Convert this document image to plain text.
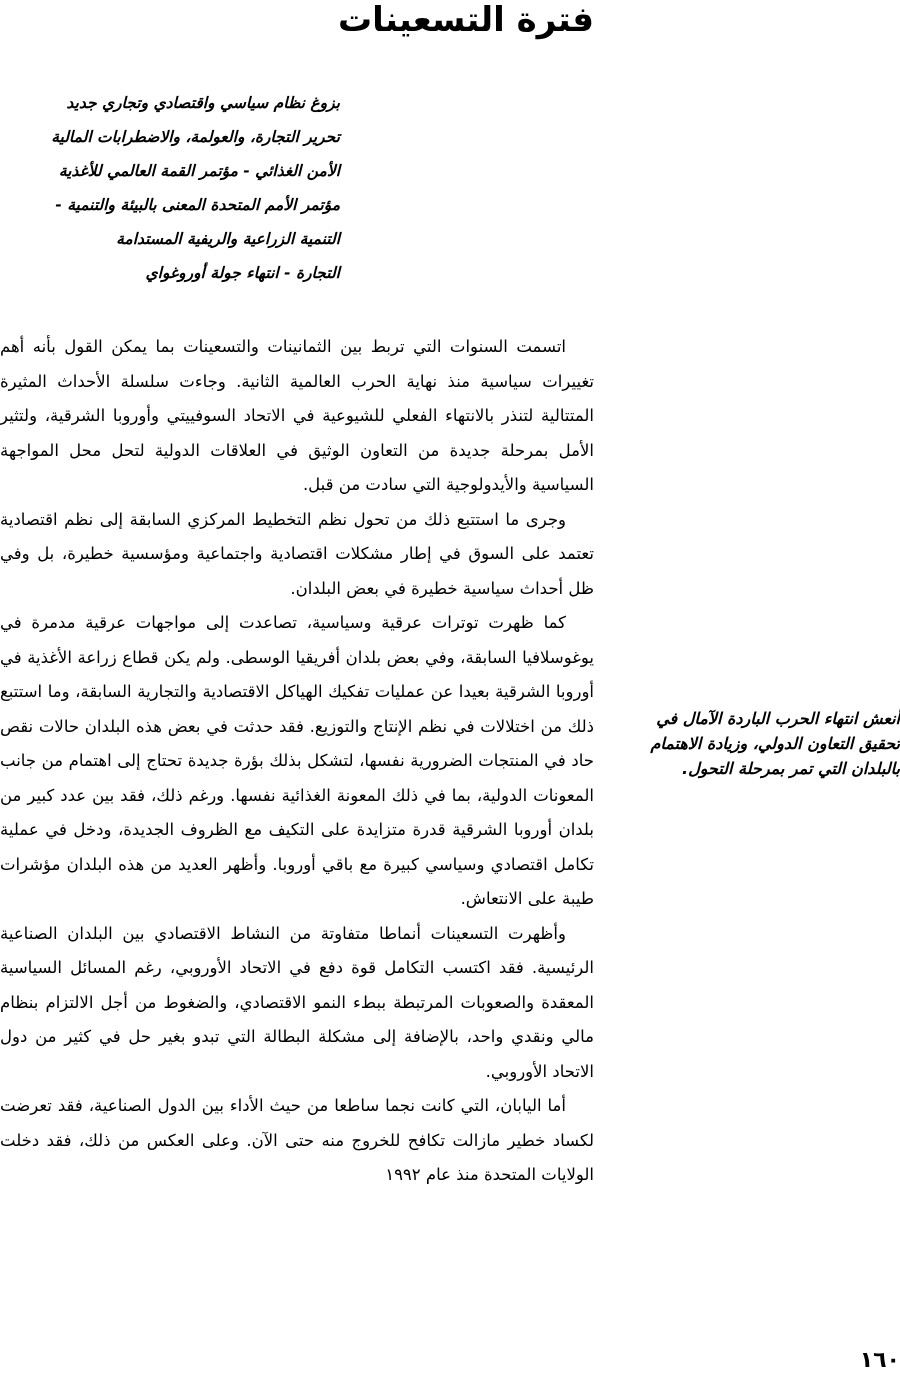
فترة التسعينات
بزوغ نظام سياسي واقتصادي وتجاري جديد
تحرير التجارة، والعولمة، والاضطرابات المالية
الأمن الغذائي - مؤتمر القمة العالمي للأغذية
مؤتمر الأمم المتحدة المعنى بالبيئة والتنمية -
التنمية الزراعية والريفية المستدامة
التجارة - انتهاء جولة أوروغواي

اتسمت السنوات التي تربط بين الثمانينات والتسعينات بما يمكن القول بأنه أهم تغييرات سياسية منذ نهاية الحرب العالمية الثانية. وجاءت سلسلة الأحداث المثيرة المتتالية لتنذر بالانتهاء الفعلي للشيوعية في الاتحاد السوفييتي وأوروبا الشرقية، ولتثير الأمل بمرحلة جديدة من التعاون الوثيق في العلاقات الدولية لتحل محل المواجهة السياسية والأيدولوجية التي سادت من قبل.

وجرى ما استتبع ذلك من تحول نظم التخطيط المركزي السابقة إلى نظم اقتصادية تعتمد على السوق في إطار مشكلات اقتصادية واجتماعية ومؤسسية خطيرة، بل وفي ظل أحداث سياسية خطيرة في بعض البلدان.

كما ظهرت توترات عرقية وسياسية، تصاعدت إلى مواجهات عرقية مدمرة في يوغوسلافيا السابقة، وفي بعض بلدان أفريقيا الوسطى. ولم يكن قطاع زراعة الأغذية في أوروبا الشرقية بعيدا عن عمليات تفكيك الهياكل الاقتصادية والتجارية السابقة، وما استتبع ذلك من اختلالات في نظم الإنتاج والتوزيع. فقد حدثت في بعض هذه البلدان حالات نقص حاد في المنتجات الضرورية نفسها، لتشكل بذلك بؤرة جديدة تحتاج إلى اهتمام من جانب المعونات الدولية، بما في ذلك المعونة الغذائية نفسها. ورغم ذلك، فقد بين عدد كبير من بلدان أوروبا الشرقية قدرة متزايدة على التكيف مع الظروف الجديدة، ودخل في عملية تكامل اقتصادي وسياسي كبيرة مع باقي أوروبا. وأظهر العديد من هذه البلدان مؤشرات طيبة على الانتعاش.

وأظهرت التسعينات أنماطا متفاوتة من النشاط الاقتصادي بين البلدان الصناعية الرئيسية. فقد اكتسب التكامل قوة دفع في الاتحاد الأوروبي، رغم المسائل السياسية المعقدة والصعوبات المرتبطة ببطء النمو الاقتصادي، والضغوط من أجل الالتزام بنظام مالي ونقدي واحد، بالإضافة إلى مشكلة البطالة التي تبدو بغير حل في كثير من دول الاتحاد الأوروبي.

أما اليابان، التي كانت نجما ساطعا من حيث الأداء بين الدول الصناعية، فقد تعرضت لكساد خطير مازالت تكافح للخروج منه حتى الآن. وعلى العكس من ذلك، فقد دخلت الولايات المتحدة منذ عام ١٩٩٢

أنعش انتهاء الحرب الباردة الآمال في تحقيق التعاون الدولي، وزيادة الاهتمام بالبلدان التي تمر بمرحلة التحول.

١٦٠
